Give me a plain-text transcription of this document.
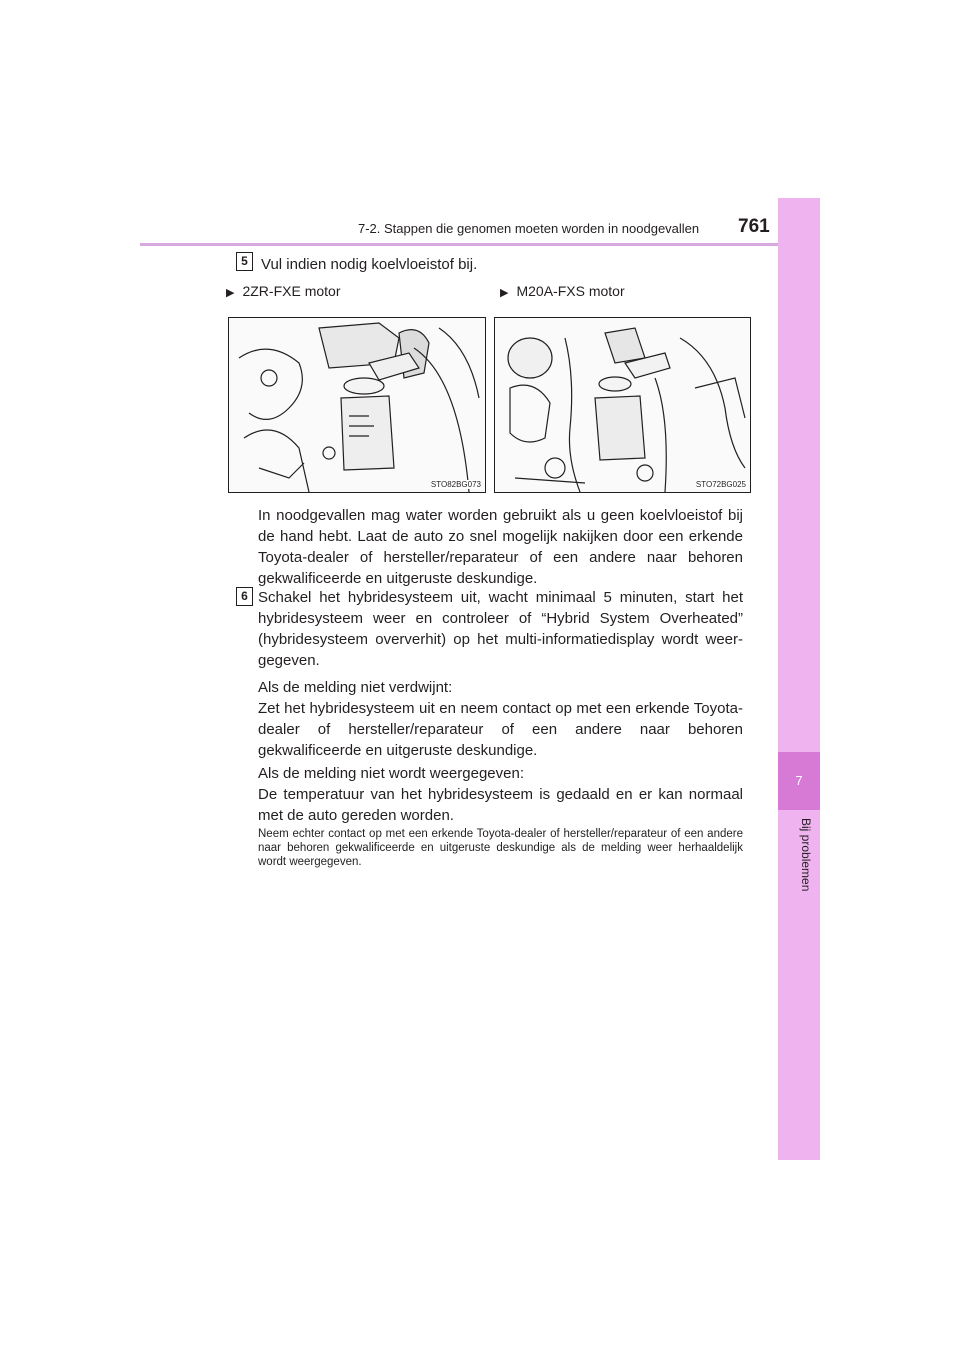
7-2. Stappen die genomen moeten worden in noodgevallen 761
7
Bij problemen
5 Vul indien nodig koelvloeistof bij.
▶ 2ZR-FXE motor	▶ M20A-FXS motor
STO82BG073	STO72BG025
In noodgevallen mag water worden gebruikt als u geen koelvloeistof bij de hand hebt. Laat de auto zo snel mogelijk nakijken door een erkende Toyota-dealer of hersteller/reparateur of een andere naar behoren gekwalificeerde en uitgeruste deskundige.
6 Schakel het hybridesysteem uit, wacht minimaal 5 minuten, start het hybridesysteem weer en controleer of “Hybrid System Overheated” (hybridesysteem oververhit) op het multi-informatiedisplay wordt weer-gegeven.
Als de melding niet verdwijnt:
Zet het hybridesysteem uit en neem contact op met een erkende Toyota-dealer of hersteller/reparateur of een andere naar behoren gekwalificeerde en uitgeruste deskundige.
Als de melding niet wordt weergegeven:
De temperatuur van het hybridesysteem is gedaald en er kan normaal met de auto gereden worden.
Neem echter contact op met een erkende Toyota-dealer of hersteller/reparateur of een andere naar behoren gekwalificeerde en uitgeruste deskundige als de melding weer herhaaldelijk wordt weergegeven.
